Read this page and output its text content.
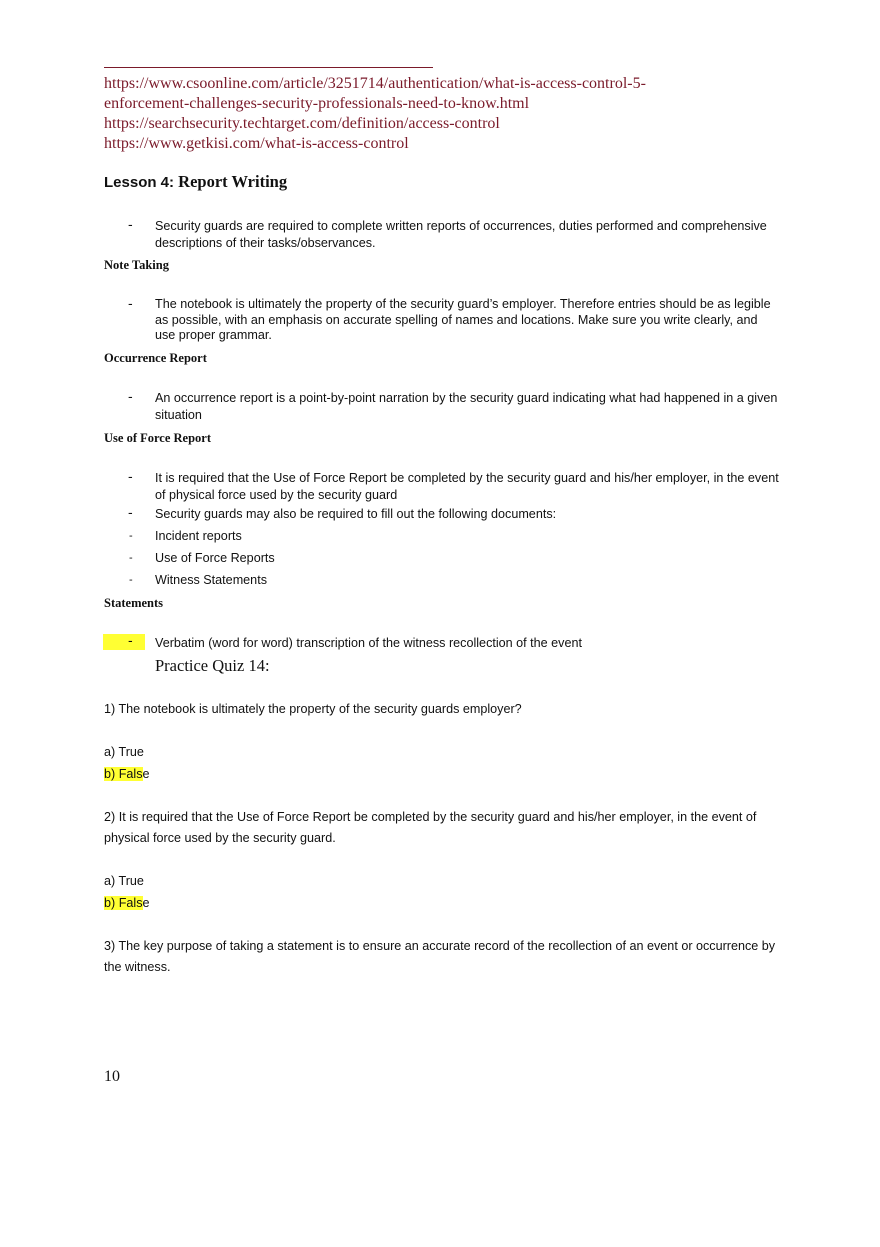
https://www.csoonline.com/article/3251714/authentication/what-is-access-control-5-
enforcement-challenges-security-professionals-need-to-know.html
https://searchsecurity.techtarget.com/definition/access-control
https://www.getkisi.com/what-is-access-control
Lesson 4: Report Writing
- Security guards are required to complete written reports of occurrences, duties performed and comprehensive descriptions of their tasks/observances.
Note Taking
- The notebook is ultimately the property of the security guard’s employer. Therefore entries should be as legible as possible, with an emphasis on accurate spelling of names and locations. Make sure you write clearly, and use proper grammar.
Occurrence Report
- An occurrence report is a point-by-point narration by the security guard indicating what had happened in a given situation
Use of Force Report
- It is required that the Use of Force Report be completed by the security guard and his/her employer, in the event of physical force used by the security guard
- Security guards may also be required to fill out the following documents:
- Incident reports
- Use of Force Reports
- Witness Statements
Statements
- Verbatim (word for word) transcription of the witness recollection of the event
Practice Quiz 14:
1) The notebook is ultimately the property of the security guards employer?
a) True
b) False
2) It is required that the Use of Force Report be completed by the security guard and his/her employer, in the event of physical force used by the security guard.
a) True
b) False
3) The key purpose of taking a statement is to ensure an accurate record of the recollection of an event or occurrence by the witness.
10
